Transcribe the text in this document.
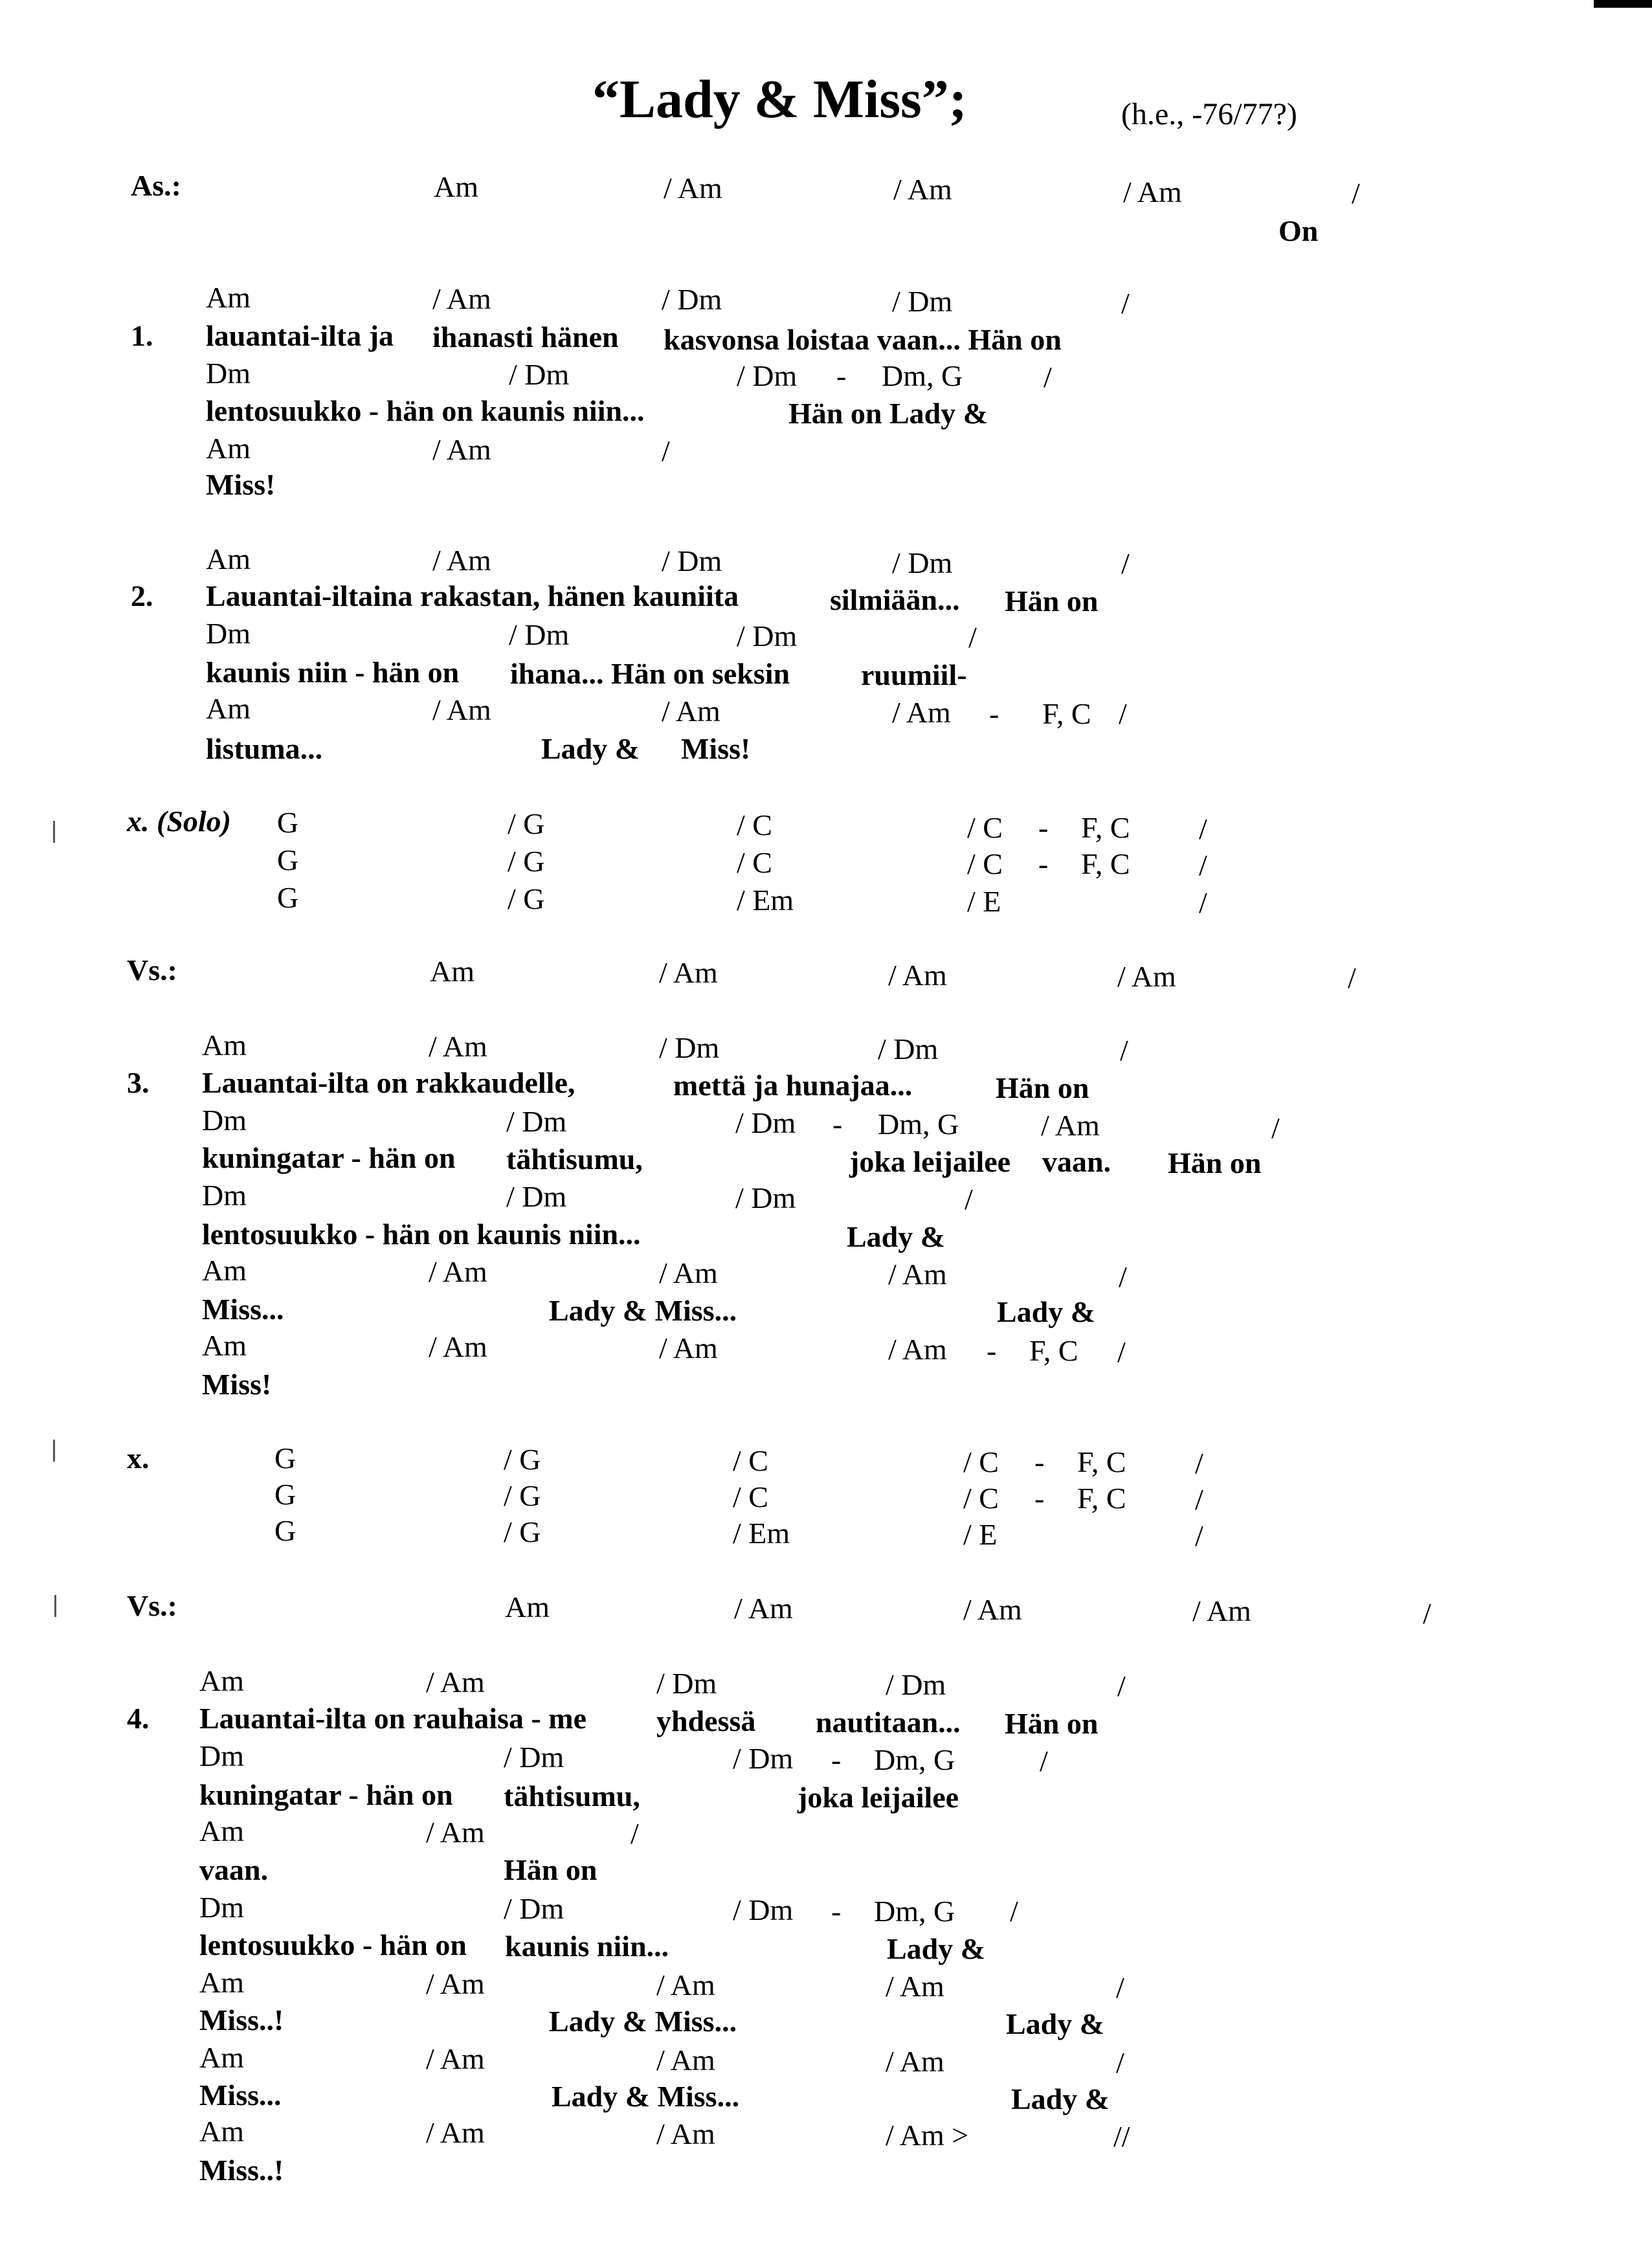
“Lady & Miss”;	(h.e., -76/77?)
As.:	Am	/ Am	/ Am	/ Am	/
On
Am	/ Am	/ Dm	/ Dm	/
1. lauantai-ilta ja ihanasti hänen kasvonsa loistaa vaan... Hän on
Dm	/ Dm	/ Dm - Dm, G	/
lentosuukko - hän on kaunis niin...	Hän on Lady &
Am	/ Am	/
Miss!
Am	/ Am	/ Dm	/ Dm	/
2. Lauantai-iltaina rakastan, hänen kauniita	silmiään... Hän on
Dm	/ Dm	/ Dm	/
kaunis niin - hän on ihana... Hän on seksin ruumiil-
Am	/ Am	/ Am	/ Am - F, C /
listuma...	Lady & Miss!
x. (Solo) G	/ G	/ C	/ C - F, C /
G	/ G	/ C	/ C - F, C /
G	/ G	/ Em	/ E	/
Vs.:	Am	/ Am	/ Am	/ Am	/
Am	/ Am	/ Dm	/ Dm	/
3. Lauantai-ilta on rakkaudelle,	mettä ja hunajaa...	Hän on
Dm	/ Dm	/ Dm - Dm, G	/ Am	/
kuningatar - hän on tähtisumu,	joka leijailee vaan. Hän on
Dm	/ Dm	/ Dm	/
lentosuukko - hän on kaunis niin...	Lady &
Am	/ Am	/ Am	/ Am	/
Miss...	Lady & Miss...	Lady &
Am	/ Am	/ Am	/ Am - F, C /
Miss!
x.	G	/ G	/ C	/ C - F, C /
G	/ G	/ C	/ C - F, C /
G	/ G	/ Em	/ E	/
Vs.:	Am	/ Am	/ Am	/ Am	/
Am	/ Am	/ Dm	/ Dm	/
4. Lauantai-ilta on rauhaisa - me yhdessä nautitaan... Hän on
Dm	/ Dm	/ Dm - Dm, G	/
kuningatar - hän on tähtisumu,	joka leijailee
Am	/ Am	/
vaan.	Hän on
Dm	/ Dm	/ Dm - Dm, G /
lentosuukko - hän on kaunis niin...	Lady &
Am	/ Am	/ Am	/ Am	/
Miss..!	Lady & Miss...	Lady &
Am	/ Am	/ Am	/ Am	/
Miss...	Lady & Miss...	Lady &
Am	/ Am	/ Am	/ Am >	//
Miss..!
